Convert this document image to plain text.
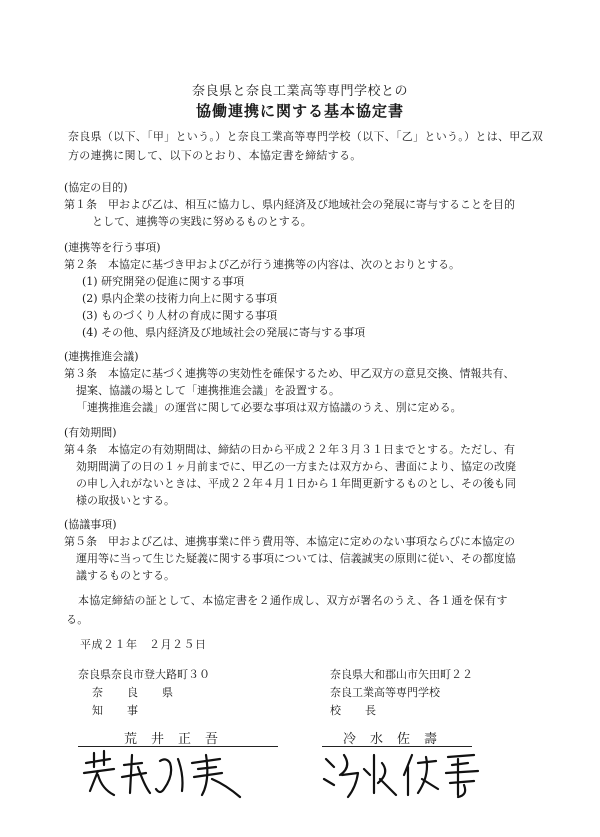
奈良県と奈良工業高等専門学校との
協働連携に関する基本協定書
奈良県（以下、「甲」という。）と奈良工業高等専門学校（以下、「乙」という。）とは、甲乙双
方の連携に関して、以下のとおり、本協定書を締結する。
(協定の目的)
第１条　甲および乙は、相互に協力し、県内経済及び地域社会の発展に寄与することを目的
として、連携等の実践に努めるものとする。
(連携等を行う事項)
第２条　本協定に基づき甲および乙が行う連携等の内容は、次のとおりとする。
(1) 研究開発の促進に関する事項
(2) 県内企業の技術力向上に関する事項
(3) ものづくり人材の育成に関する事項
(4) その他、県内経済及び地域社会の発展に寄与する事項
(連携推進会議)
第３条　本協定に基づく連携等の実効性を確保するため、甲乙双方の意見交換、情報共有、
提案、協議の場として「連携推進会議」を設置する。
「連携推進会議」の運営に関して必要な事項は双方協議のうえ、別に定める。
(有効期間)
第４条　本協定の有効期間は、締結の日から平成２２年３月３１日までとする。ただし、有
効期間満了の日の１ヶ月前までに、甲乙の一方または双方から、書面により、協定の改廃
の申し入れがないときは、平成２２年４月１日から１年間更新するものとし、その後も同
様の取扱いとする。
(協議事項)
第５条　甲および乙は、連携事業に伴う費用等、本協定に定めのない事項ならびに本協定の
運用等に当って生じた疑義に関する事項については、信義誠実の原則に従い、その都度協
議するものとする。
本協定締結の証として、本協定書を２通作成し、双方が署名のうえ、各１通を保有す
る。
平成２１年　２月２５日
奈良県奈良市登大路町３０
奈良県
知事
奈良県大和郡山市矢田町２２
奈良工業高等専門学校
校長
荒井正吾	冷水佐壽
